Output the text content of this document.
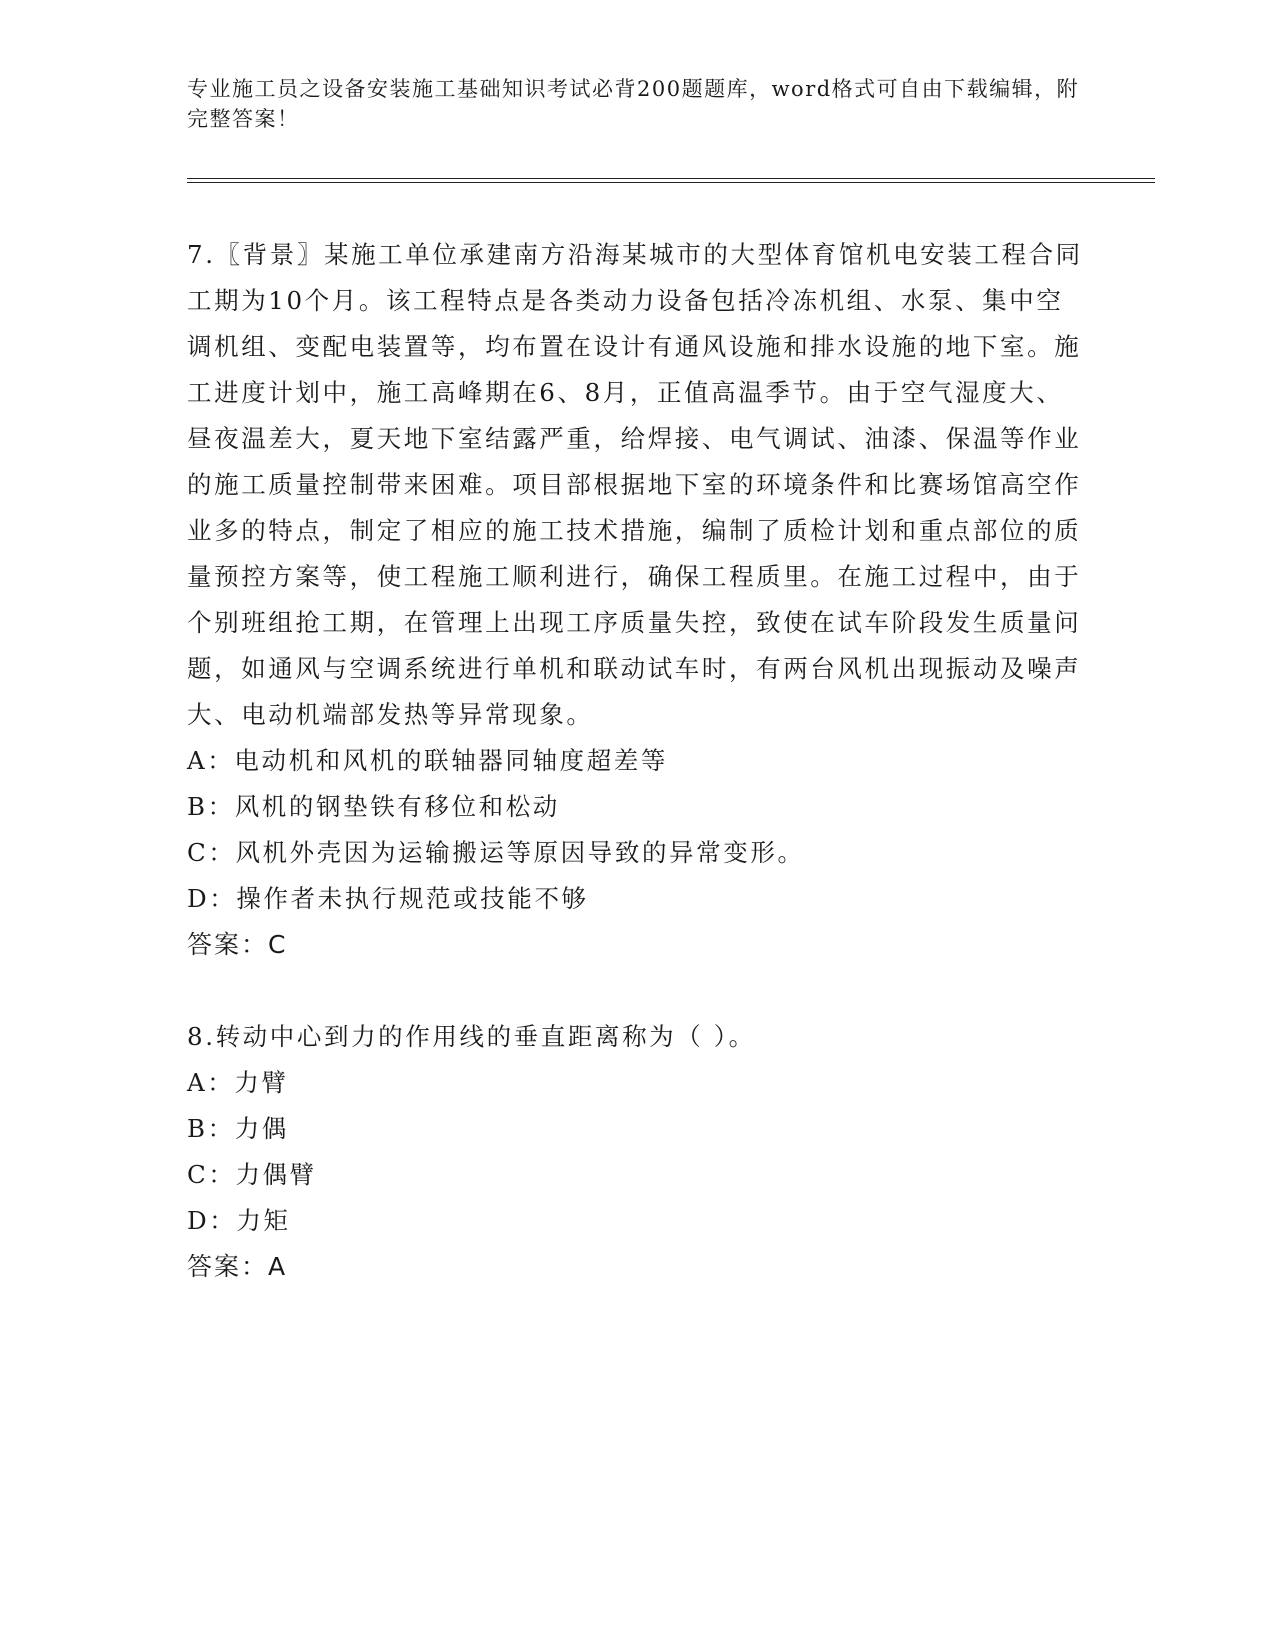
专业施工员之设备安装施工基础知识考试必背200题题库，word格式可自由下载编辑，附完整答案！

7.〖背景〗某施工单位承建南方沿海某城市的大型体育馆机电安装工程合同工期为10个月。该工程特点是各类动力设备包括冷冻机组、水泵、集中空调机组、变配电装置等，均布置在设计有通风设施和排水设施的地下室。施工进度计划中，施工高峰期在6、8月，正值高温季节。由于空气湿度大、昼夜温差大，夏天地下室结露严重，给焊接、电气调试、油漆、保温等作业的施工质量控制带来困难。项目部根据地下室的环境条件和比赛场馆高空作业多的特点，制定了相应的施工技术措施，编制了质检计划和重点部位的质量预控方案等，使工程施工顺利进行，确保工程质里。在施工过程中，由于个别班组抢工期，在管理上出现工序质量失控，致使在试车阶段发生质量问题，如通风与空调系统进行单机和联动试车时，有两台风机出现振动及噪声大、电动机端部发热等异常现象。

A：电动机和风机的联轴器同轴度超差等
B：风机的钢垫铁有移位和松动
C：风机外壳因为运输搬运等原因导致的异常变形。
D：操作者未执行规范或技能不够
答案：C

8.转动中心到力的作用线的垂直距离称为（ ）。

A：力臂
B：力偶
C：力偶臂
D：力矩
答案：A
